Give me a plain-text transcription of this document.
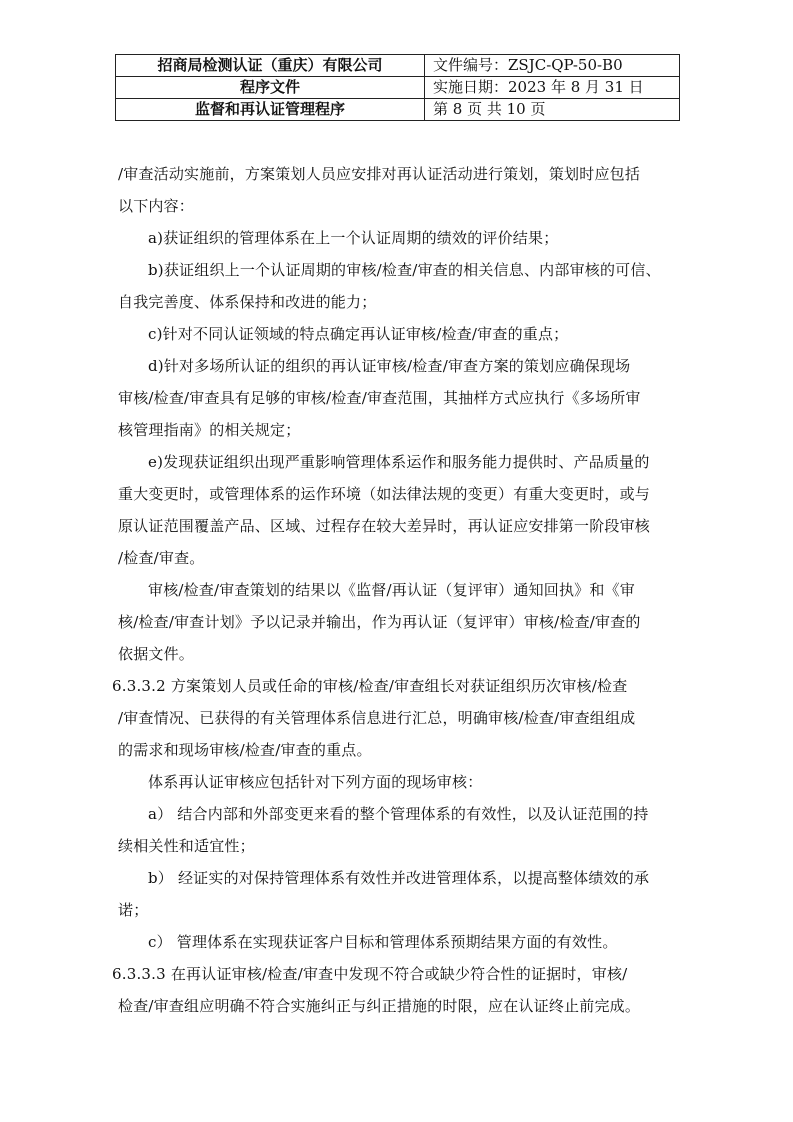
招商局检测认证（重庆）有限公司	文件编号：ZSJC-QP-50-B0
程序文件	实施日期：2023 年 8 月 31 日
监督和再认证管理程序	第 8 页 共 10 页
/审查活动实施前，方案策划人员应安排对再认证活动进行策划，策划时应包括
以下内容：
a)获证组织的管理体系在上一个认证周期的绩效的评价结果；
b)获证组织上一个认证周期的审核/检查/审查的相关信息、内部审核的可信、
自我完善度、体系保持和改进的能力；
c)针对不同认证领域的特点确定再认证审核/检查/审查的重点；
d)针对多场所认证的组织的再认证审核/检查/审查方案的策划应确保现场
审核/检查/审查具有足够的审核/检查/审查范围，其抽样方式应执行《多场所审
核管理指南》的相关规定；
e)发现获证组织出现严重影响管理体系运作和服务能力提供时、产品质量的
重大变更时，或管理体系的运作环境（如法律法规的变更）有重大变更时，或与
原认证范围覆盖产品、区域、过程存在较大差异时，再认证应安排第一阶段审核
/检查/审查。
审核/检查/审查策划的结果以《监督/再认证（复评审）通知回执》和《审
核/检查/审查计划》予以记录并输出，作为再认证（复评审）审核/检查/审查的
依据文件。
6.3.3.2 方案策划人员或任命的审核/检查/审查组长对获证组织历次审核/检查
/审查情况、已获得的有关管理体系信息进行汇总，明确审核/检查/审查组组成
的需求和现场审核/检查/审查的重点。
体系再认证审核应包括针对下列方面的现场审核：
a） 结合内部和外部变更来看的整个管理体系的有效性，以及认证范围的持
续相关性和适宜性；
b） 经证实的对保持管理体系有效性并改进管理体系，以提高整体绩效的承
诺；
c） 管理体系在实现获证客户目标和管理体系预期结果方面的有效性。
6.3.3.3 在再认证审核/检查/审查中发现不符合或缺少符合性的证据时，审核/
检查/审查组应明确不符合实施纠正与纠正措施的时限，应在认证终止前完成。
